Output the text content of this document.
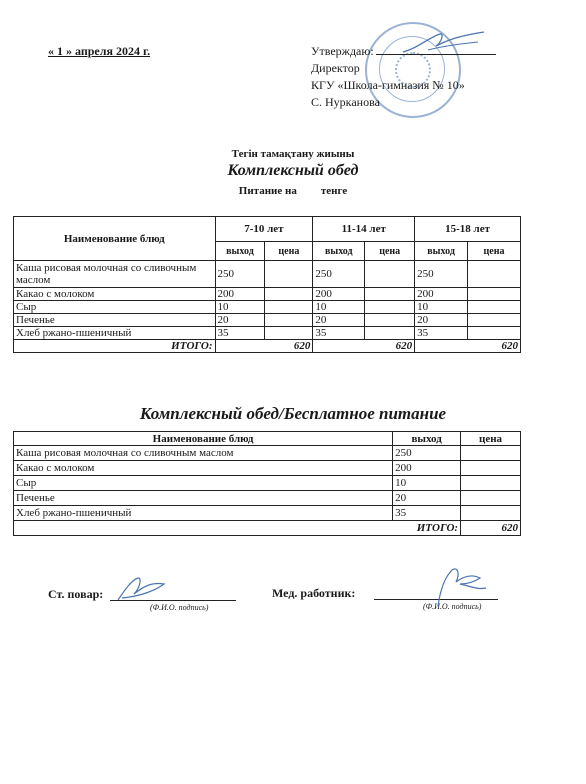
« 1 » апреля 2024 г.	Утверждаю:
Директор
КГУ «Школа-гимназия № 10»
С. Нурканова
Тегін тамақтану жиыны
Комплексный обед
Питание на тенге
Наименование блюд	7-10 лет		11-14 лет		15-18 лет	
	выход	цена	выход	цена	выход	цена
Каша рисовая молочная со сливочным маслом	250		250		250	
Какао с молоком	200		200		200	
Сыр	10		10		10	
Печенье	20		20		20	
Хлеб ржано-пшеничный	35		35		35	
ИТОГО:	620		620		620	
Комплексный обед/Бесплатное питание
Наименование блюд	выход	цена
Каша рисовая молочная со сливочным маслом	250	
Какао с молоком	200	
Сыр	10	
Печенье	20	
Хлеб ржано-пшеничный	35	
ИТОГО:		620
Ст. повар:
(Ф.И.О. подпись)
Мед. работник:
(Ф.И.О. подпись)
